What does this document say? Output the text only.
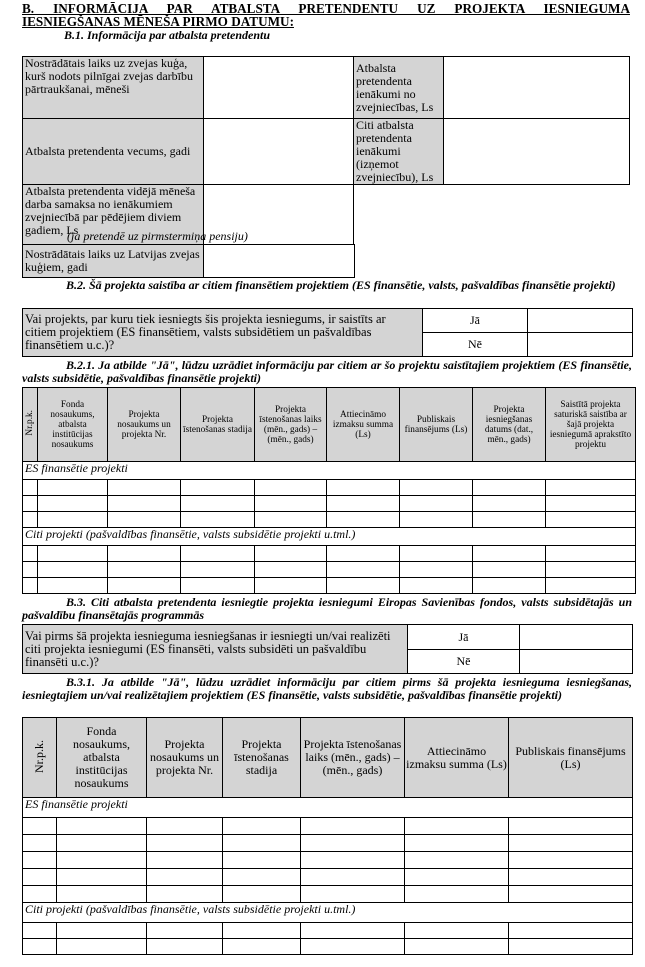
B. INFORMĀCIJA PAR ATBALSTA PRETENDENTU UZ PROJEKTA IESNIEGUMA
IESNIEGŠANAS MĒNEŠA PIRMO DATUMU:
B.1. Informācija par atbalsta pretendentu
Nostrādātais laiks uz zvejas kuģa, kurš nodots pilnīgai zvejas darbību pārtraukšanai, mēneši		Atbalsta pretendenta ienākumi no zvejniecības, Ls	
Atbalsta pretendenta vecums, gadi		Citi atbalsta pretendenta ienākumi (izņemot zvejniecību), Ls	
Atbalsta pretendenta vidējā mēneša darba samaksa no ienākumiem zvejniecībā par pēdējiem diviem gadiem, Ls			
(ja pretendē uz pirmstermiņa pensiju)
Nostrādātais laiks uz Latvijas zvejas kuģiem, gadi	
B.2. Šā projekta saistība ar citiem finansētiem projektiem (ES finansētie, valsts, pašvaldības finansētie projekti)
Vai projekts, par kuru tiek iesniegts šis projekta iesniegums, ir saistīts ar citiem projektiem (ES finansētiem, valsts subsidētiem un pašvaldības finansētiem u.c.)?	Jā	
	Nē	
B.2.1. Ja atbilde "Jā", lūdzu uzrādiet informāciju par citiem ar šo projektu saistītajiem projektiem (ES finansētie, valsts subsidētie, pašvaldības finansētie projekti)
Nr.p.k.	Fonda nosaukums, atbalsta institūcijas nosaukums	Projekta nosaukums un projekta Nr.	Projekta īstenošanas stadija	Projekta īstenošanas laiks (mēn., gads) – (mēn., gads)	Attiecināmo izmaksu summa (Ls)	Publiskais finansējums (Ls)	Projekta iesniegšanas datums (dat., mēn., gads)	Saistītā projekta saturiskā saistība ar šajā projekta iesniegumā aprakstīto projektu
ES finansētie projekti								

Citi projekti (pašvaldības finansētie, valsts subsidētie projekti u.tml.)								

B.3. Citi atbalsta pretendenta iesniegtie projekta iesniegumi Eiropas Savienības fondos, valsts subsidētajās un pašvaldību finansētajās programmās
Vai pirms šā projekta iesnieguma iesniegšanas ir iesniegti un/vai realizēti citi projekta iesniegumi (ES finansēti, valsts subsidēti un pašvaldību finansēti u.c.)?	Jā	
	Nē	
B.3.1. Ja atbilde "Jā", lūdzu uzrādiet informāciju par citiem pirms šā projekta iesnieguma iesniegšanas, iesniegtajiem un/vai realizētajiem projektiem (ES finansētie, valsts subsidētie, pašvaldības finansētie projekti)
Nr.p.k.	Fonda nosaukums, atbalsta institūcijas nosaukums	Projekta nosaukums un projekta Nr.	Projekta īstenošanas stadija	Projekta īstenošanas laiks (mēn., gads) – (mēn., gads)	Attiecināmo izmaksu summa (Ls)	Publiskais finansējums (Ls)
ES finansētie projekti						

Citi projekti (pašvaldības finansētie, valsts subsidētie projekti u.tml.)						
